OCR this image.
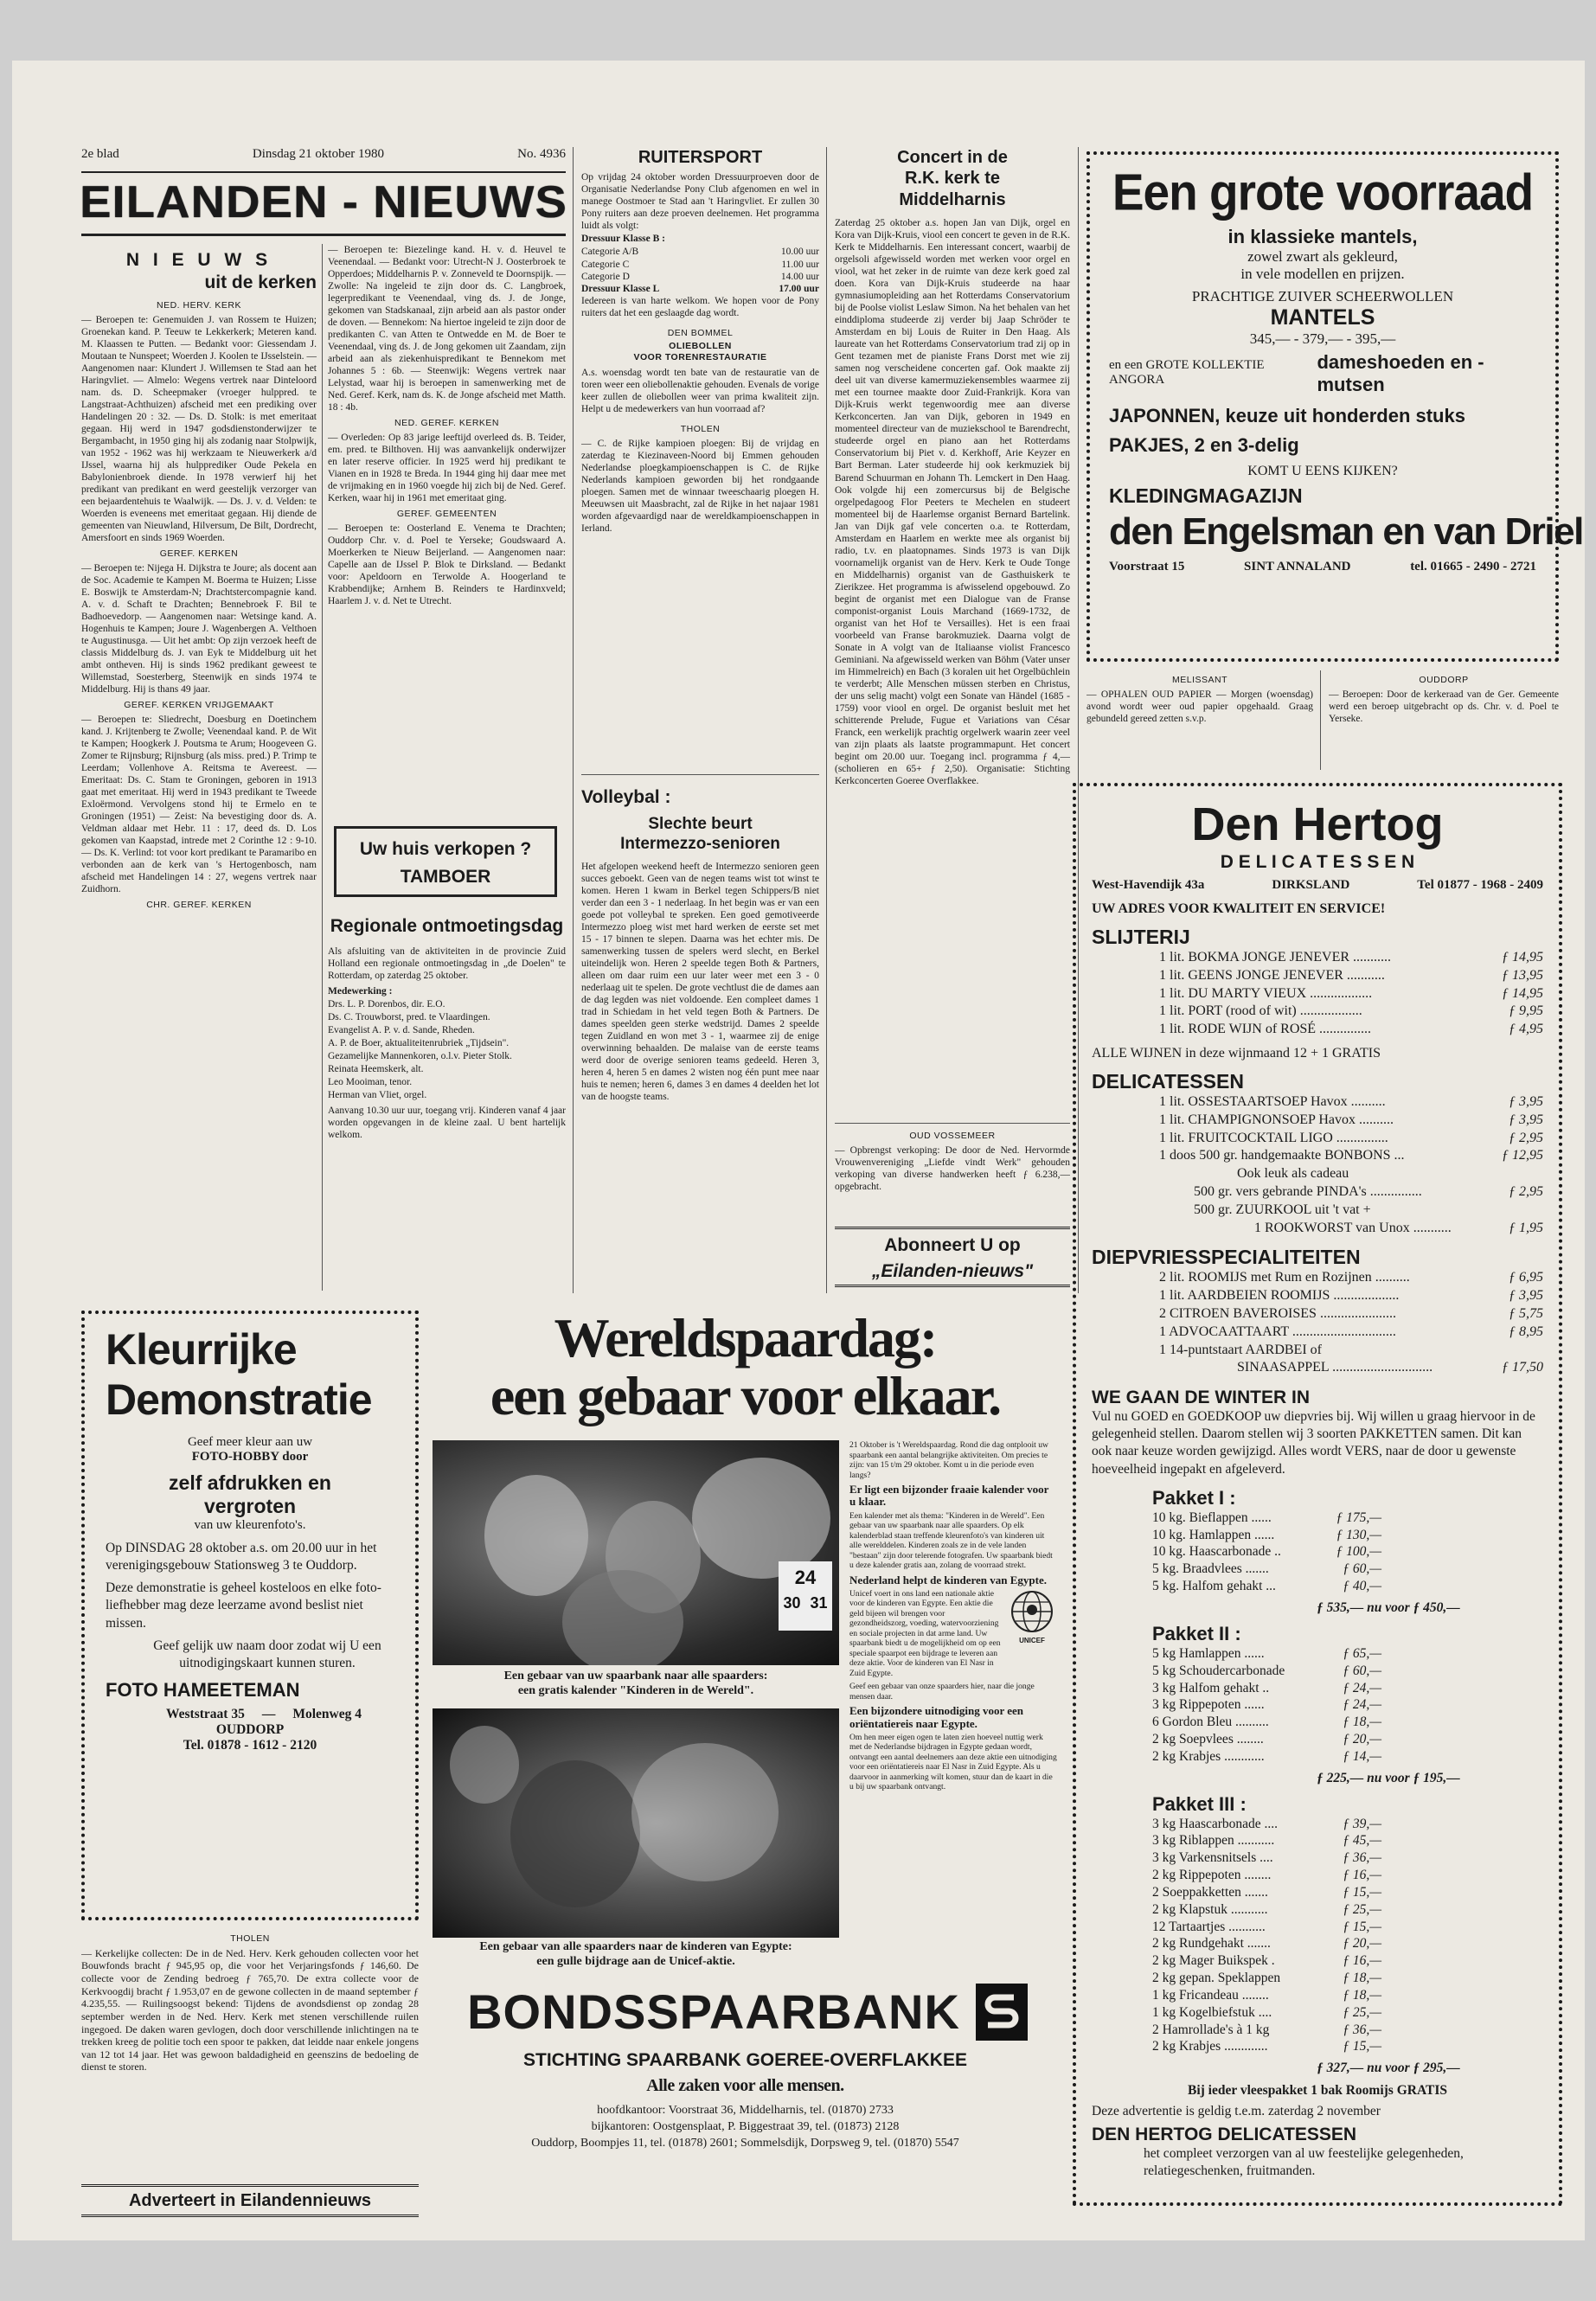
2e blad	Dinsdag 21 oktober 1980	No. 4936
EILANDEN - NIEUWS
N I E U W S
uit de kerken
NED. HERV. KERK

— Beroepen te: Genemuiden J. van Rossem te Huizen; Groenekan kand. P. Teeuw te Lekkerkerk; Meteren kand. M. Klaassen te Putten. — Bedankt voor: Giessendam J. Moutaan te Nunspeet; Woerden J. Koolen te IJsselstein. — Aangenomen naar: Klundert J. Willemsen te Stad aan het Haringvliet. — Almelo: Wegens vertrek naar Dinteloord nam. ds. D. Scheepmaker (vroeger hulppred. te Langstraat-Achthuizen) afscheid met een prediking over Handelingen 20 : 32. — Ds. D. Stolk: is met emeritaat gegaan. Hij werd in 1947 godsdienstonderwijzer te Bergambacht, in 1950 ging hij als zodanig naar Stolpwijk, van 1952 - 1962 was hij werkzaam te Nieuwerkerk a/d IJssel, waarna hij als hulpprediker Oude Pekela en Babylonienbroek diende. In 1978 verwierf hij het predikant van predikant en werd geestelijk verzorger van een bejaardentehuis te Waalwijk. — Ds. J. v. d. Velden: te Woerden is eveneens met emeritaat gegaan. Hij diende de gemeenten van Nieuwland, Hilversum, De Bilt, Dordrecht, Amersfoort en sinds 1969 Woerden.

GEREF. KERKEN

— Beroepen te: Nijega H. Dijkstra te Joure; als docent aan de Soc. Academie te Kampen M. Boerma te Huizen; Lisse E. Boswijk te Amsterdam-N; Drachtstercompagnie kand. A. v. d. Schaft te Drachten; Bennebroek F. Bil te Badhoevedorp. — Aangenomen naar: Wetsinge kand. A. Hogenhuis te Kampen; Joure J. Wagenbergen A. Velthoen te Augustinusga. — Uit het ambt: Op zijn verzoek heeft de classis Middelburg ds. J. van Eyk te Middelburg uit het ambt ontheven. Hij is sinds 1962 predikant geweest te Willemstad, Soesterberg, Steenwijk en sinds 1974 te Middelburg. Hij is thans 49 jaar.

GEREF. KERKEN VRIJGEMAAKT

— Beroepen te: Sliedrecht, Doesburg en Doetinchem kand. J. Krijtenberg te Zwolle; Veenendaal kand. P. de Wit te Kampen; Hoogkerk J. Poutsma te Arum; Hoogeveen G. Zomer te Rijnsburg; Rijnsburg (als miss. pred.) P. Trimp te Leerdam; Vollenhove A. Reitsma te Avereest. — Emeritaat: Ds. C. Stam te Groningen, geboren in 1913 gaat met emeritaat. Hij werd in 1943 predikant te Tweede Exloërmond. Vervolgens stond hij te Ermelo en te Groningen (1951) — Zeist: Na bevestiging door ds. A. Veldman aldaar met Hebr. 11 : 17, deed ds. D. Los gekomen van Kaapstad, intrede met 2 Corinthe 12 : 9-10. — Ds. K. Verlind: tot voor kort predikant te Paramaribo en verbonden aan de kerk van 's Hertogenbosch, nam afscheid met Handelingen 14 : 27, wegens vertrek naar Zuidhorn.

CHR. GEREF. KERKEN

— Beroepen te: Biezelinge kand. H. v. d. Heuvel te Veenendaal. — Bedankt voor: Utrecht-N J. Oosterbroek te Opperdoes; Middelharnis P. v. Zonneveld te Doornspijk. — Zwolle: Na ingeleid te zijn door ds. C. Langbroek, legerpredikant te Veenendaal, ving ds. J. de Jonge, gekomen van Stadskanaal, zijn arbeid aan als pastor onder de doven. — Bennekom: Na hiertoe ingeleid te zijn door de predikanten C. van Atten te Ontwedde en M. de Boer te Veenendaal, ving ds. J. de Jong gekomen uit Zaandam, zijn arbeid aan als ziekenhuispredikant te Bennekom met Johannes 5 : 6b. — Steenwijk: Wegens vertrek naar Lelystad, waar hij is beroepen in samenwerking met de Ned. Geref. Kerk, nam ds. K. de Jonge afscheid met Matth. 18 : 4b.

NED. GEREF. KERKEN

— Overleden: Op 83 jarige leeftijd overleed ds. B. Teider, em. pred. te Bilthoven. Hij was aanvankelijk onderwijzer en later reserve officier. In 1925 werd hij predikant te Vianen en in 1928 te Breda. In 1944 ging hij daar mee met de vrijmaking en in 1960 voegde hij zich bij de Ned. Geref. Kerken, waar hij in 1961 met emeritaat ging.

GEREF. GEMEENTEN

— Beroepen te: Oosterland E. Venema te Drachten; Ouddorp Chr. v. d. Poel te Yerseke; Goudswaard A. Moerkerken te Nieuw Beijerland. — Aangenomen naar: Capelle aan de IJssel P. Blok te Dirksland. — Bedankt voor: Apeldoorn en Terwolde A. Hoogerland te Krabbendijke; Arnhem B. Reinders te Hardinxveld; Haarlem J. v. d. Net te Utrecht.

Uw huis verkopen ? TAMBOER
Regionale ontmoetingsdag

Als afsluiting van de aktiviteiten in de provincie Zuid Holland een regionale ontmoetingsdag in „de Doelen" te Rotterdam, op zaterdag 25 oktober.

Medewerking :

Drs. L. P. Dorenbos, dir. E.O.

Ds. C. Trouwborst, pred. te Vlaardingen.

Evangelist A. P. v. d. Sande, Rheden.

A. P. de Boer, aktualiteitenrubriek „Tijdsein".

Gezamelijke Mannenkoren, o.l.v. Pieter Stolk.

Reinata Heemskerk, alt.

Leo Mooiman, tenor.

Herman van Vliet, orgel.

Aanvang 10.30 uur uur, toegang vrij. Kinderen vanaf 4 jaar worden opgevangen in de kleine zaal. U bent hartelijk welkom.

RUITERSPORT

Op vrijdag 24 oktober worden Dressuurproeven door de Organisatie Nederlandse Pony Club afgenomen en wel in manege Oostmoer te Stad aan 't Haringvliet. Er zullen 30 Pony ruiters aan deze proeven deelnemen. Het programma luidt als volgt:

Dressuur Klasse B :

Categorie A/B	10.00 uur
Categorie C	11.00 uur
Categorie D	14.00 uur
Dressuur Klasse L	17.00 uur

Iedereen is van harte welkom. We hopen voor de Pony ruiters dat het een geslaagde dag wordt.

DEN BOMMEL
OLIEBOLLEN
VOOR TORENRESTAURATIE

A.s. woensdag wordt ten bate van de restauratie van de toren weer een oliebollenaktie gehouden. Evenals de vorige keer zullen de oliebollen weer van prima kwaliteit zijn. Helpt u de medewerkers van hun voorraad af?

THOLEN

— C. de Rijke kampioen ploegen: Bij de vrijdag en zaterdag te Kiezinaveen-Noord bij Emmen gehouden Nederlandse ploegkampioenschappen is C. de Rijke Nederlands kampioen geworden bij het rondgaande ploegen. Samen met de winnaar tweeschaarig ploegen H. Meeuwsen uit Maasbracht, zal de Rijke in het najaar 1981 worden afgevaardigd naar de wereldkampioenschappen in Ierland.

Volleybal :
Slechte beurt
Intermezzo-senioren

Het afgelopen weekend heeft de Intermezzo senioren geen succes geboekt. Geen van de negen teams wist tot winst te komen. Heren 1 kwam in Berkel tegen Schippers/B niet verder dan een 3 - 1 nederlaag. In het begin was er van een goede pot volleybal te spreken. Een goed gemotiveerde Intermezzo ploeg wist met hard werken de eerste set met 15 - 17 binnen te slepen. Daarna was het echter mis. De samenwerking tussen de spelers werd slecht, en Berkel uiteindelijk won. Heren 2 speelde tegen Both & Partners, alleen om daar ruim een uur later weer met een 3 - 0 nederlaag uit te spelen. De grote vechtlust die de dames aan de dag legden was niet voldoende. Een compleet dames 1 trad in Schiedam in het veld tegen Both & Partners. De dames speelden geen sterke wedstrijd. Dames 2 speelde tegen Zuidland en won met 3 - 1, waarmee zij de enige overwinning behaalden. De malaise van de eerste teams werd door de overige senioren teams gedeeld. Heren 3, heren 4, heren 5 en dames 2 wisten nog één punt mee naar huis te nemen; heren 6, dames 3 en dames 4 deelden het lot van de hoogste teams.

Concert in de
R.K. kerk te
Middelharnis

Zaterdag 25 oktober a.s. hopen Jan van Dijk, orgel en Kora van Dijk-Kruis, viool een concert te geven in de R.K. Kerk te Middelharnis. Een interessant concert, waarbij de orgelsoli afgewisseld worden met werken voor orgel en viool, wat het zeker in de ruimte van deze kerk goed zal doen. Kora van Dijk-Kruis studeerde na haar gymnasiumopleiding aan het Rotterdams Conservatorium bij de Poolse violist Leslaw Simon. Na het behalen van het einddiploma studeerde zij verder bij Jaap Schröder te Amsterdam en bij Louis de Ruiter in Den Haag. Als laureate van het Rotterdams Conservatorium trad zij op in Gent tezamen met de pianiste Frans Dorst met wie zij samen nog verscheidene concerten gaf. Ook maakte zij deel uit van diverse kamermuziekensembles waarmee zij met een tournee maakte door Zuid-Frankrijk. Kora van Dijk-Kruis werkt tegenwoordig mee aan diverse Kerkconcerten. Jan van Dijk, geboren in 1949 en momenteel directeur van de muziekschool te Barendrecht, studeerde orgel en piano aan het Rotterdams Conservatorium bij Piet v. d. Kerkhoff, Arie Keyzer en Bart Berman. Later studeerde hij ook kerkmuziek bij Barend Schuurman en Johann Th. Lemckert in Den Haag. Ook volgde hij een zomercursus bij de Belgische orgelpedagoog Flor Peeters te Mechelen en studeert momenteel bij de Haarlemse organist Bernard Bartelink. Jan van Dijk gaf vele concerten o.a. te Rotterdam, Amsterdam en Haarlem en werkte mee als organist bij radio, t.v. en plaatopnames. Sinds 1973 is van Dijk voornamelijk organist van de Herv. Kerk te Oude Tonge en Middelharnis) organist van de Gasthuiskerk te Zierikzee. Het programma is afwisselend opgebouwd. Zo begint de organist met een Dialogue van de Franse componist-organist Louis Marchand (1669-1732, de organist van het Hof te Versailles). Het is een fraai voorbeeld van Franse barokmuziek. Daarna volgt de Sonate in A volgt van de Italiaanse violist Francesco Geminiani. Na afgewisseld werken van Böhm (Vater unser im Himmelreich) en Bach (3 koralen uit het Orgelbüchlein te verderbt; Alle Menschen müssen sterben en Christus, der uns selig macht) volgt een Sonate van Händel (1685 - 1759) voor viool en orgel. De organist besluit met het schitterende Prelude, Fugue et Variations van César Franck, een werkelijk prachtig orgelwerk waarin zeer veel van zijn plaats als laatste programmapunt. Het concert begint om 20.00 uur. Toegang incl. programma ƒ 4,— (scholieren en 65+ ƒ 2,50). Organisatie: Stichting Kerkconcerten Goeree Overflakkee.

OUD VOSSEMEER

— Opbrengst verkoping: De door de Ned. Hervormde Vrouwenvereniging „Liefde vindt Werk" gehouden verkoping van diverse handwerken heeft ƒ 6.238,— opgebracht.

Abonneert U op
„Eilanden-nieuws"
Een grote voorraad
in klassieke mantels,
zowel zwart als gekleurd,
in vele modellen en prijzen.
PRACHTIGE ZUIVER SCHEERWOLLEN
MANTELS
345,— - 379,— - 395,—
en een GROTE KOLLEKTIE ANGORA
dameshoeden en -mutsen
JAPONNEN, keuze uit honderden stuks
PAKJES, 2 en 3-delig
KOMT U EENS KIJKEN?
KLEDINGMAGAZIJN
den Engelsman en van Driel
Voorstraat 15	SINT ANNALAND	tel. 01665 - 2490 - 2721
MELISSANT

— OPHALEN OUD PAPIER — Morgen (woensdag) avond wordt weer oud papier opgehaald. Graag gebundeld gereed zetten s.v.p.

OUDDORP

— Beroepen: Door de kerkeraad van de Ger. Gemeente werd een beroep uitgebracht op ds. Chr. v. d. Poel te Yerseke.

Den Hertog
D E L I C A T E S S E N
West-Havendijk 43a	DIRKSLAND	Tel 01877 - 1968 - 2409
UW ADRES VOOR KWALITEIT EN SERVICE!
SLIJTERIJ
1 lit. BOKMA JONGE JENEVER ...........	ƒ 14,95
1 lit. GEENS JONGE JENEVER ...........	ƒ 13,95
1 lit. DU MARTY VIEUX ..................	ƒ 14,95
1 lit. PORT (rood of wit) ..................	ƒ 9,95
1 lit. RODE WIJN of ROSÉ ...............	ƒ 4,95
ALLE WIJNEN in deze wijnmaand 12 + 1 GRATIS
DELICATESSEN
1 lit. OSSESTAARTSOEP Havox ..........	ƒ 3,95
1 lit. CHAMPIGNONSOEP Havox ..........	ƒ 3,95
1 lit. FRUITCOCKTAIL LIGO ...............	ƒ 2,95
1 doos 500 gr. handgemaakte BONBONS ...	ƒ 12,95
Ook leuk als cadeau
500 gr. vers gebrande PINDA's ...............	ƒ 2,95
500 gr. ZUURKOOL uit 't vat +
1 ROOKWORST van Unox ...........	ƒ 1,95
DIEPVRIESSPECIALITEITEN
2 lit. ROOMIJS met Rum en Rozijnen ..........	ƒ 6,95
1 lit. AARDBEIEN ROOMIJS ...................	ƒ 3,95
2 CITROEN BAVEROISES ......................	ƒ 5,75
1 ADVOCAATTAART ..............................	ƒ 8,95
1 14-puntstaart AARDBEI of
SINAASAPPEL .............................	ƒ 17,50
WE GAAN DE WINTER IN
Vul nu GOED en GOEDKOOP uw diepvries bij. Wij willen u graag hiervoor in de gelegenheid stellen. Daarom stellen wij 3 soorten PAKKETTEN samen. Dit kan ook naar keuze worden gewijzigd. Alles wordt VERS, naar de door u gewenste hoeveelheid ingepakt en afgeleverd.
Pakket I :
10 kg. Bieflappen ......	ƒ 175,—
10 kg. Hamlappen ......	ƒ 130,—
10 kg. Haascarbonade ..	ƒ 100,—
5 kg. Braadvlees .......	ƒ 60,—
5 kg. Halfom gehakt ...	ƒ 40,—
ƒ 535,— nu voor ƒ 450,—
Pakket II :
5 kg Hamlappen ......	ƒ 65,—
5 kg Schoudercarbonade	ƒ 60,—
3 kg Halfom gehakt ..	ƒ 24,—
3 kg Rippepoten ......	ƒ 24,—
6 Gordon Bleu ..........	ƒ 18,—
2 kg Soepvlees ........	ƒ 20,—
2 kg Krabjes ............	ƒ 14,—
ƒ 225,— nu voor ƒ 195,—
Pakket III :
3 kg Haascarbonade ....	ƒ 39,—
3 kg Riblappen ...........	ƒ 45,—
3 kg Varkensnitsels ....	ƒ 36,—
2 kg Rippepoten ........	ƒ 16,—
2 Soeppakketten .......	ƒ 15,—
2 kg Klapstuk ...........	ƒ 25,—
12 Tartaartjes ...........	ƒ 15,—
2 kg Rundgehakt .......	ƒ 20,—
2 kg Mager Buikspek .	ƒ 16,—
2 kg gepan. Speklappen	ƒ 18,—
1 kg Fricandeau ........	ƒ 18,—
1 kg Kogelbiefstuk ....	ƒ 25,—
2 Hamrollade's à 1 kg	ƒ 36,—
2 kg Krabjes .............	ƒ 15,—
ƒ 327,— nu voor ƒ 295,—
Bij ieder vleespakket 1 bak Roomijs GRATIS
Deze advertentie is geldig t.e.m. zaterdag 2 november
DEN HERTOG DELICATESSEN
het compleet verzorgen van al uw feestelijke gelegenheden, relatiegeschenken, fruitmanden.
Kleurrijke
Demonstratie
Geef meer kleur aan uw
FOTO-HOBBY door
zelf afdrukken en
vergroten
van uw kleurenfoto's.
Op DINSDAG 28 oktober a.s. om 20.00 uur in het verenigingsgebouw Stationsweg 3 te Ouddorp.
Deze demonstratie is geheel kosteloos en elke foto-liefhebber mag deze leerzame avond beslist niet missen.
Geef gelijk uw naam door zodat wij U een uitnodigingskaart kunnen sturen.
FOTO HAMEETEMAN
Weststraat 35 — Molenweg 4
OUDDORP
Tel. 01878 - 1612 - 2120
THOLEN

— Kerkelijke collecten: De in de Ned. Herv. Kerk gehouden collecten voor het Bouwfonds bracht ƒ 945,95 op, die voor het Verjaringsfonds ƒ 146,60. De collecte voor de Zending bedroeg ƒ 765,70. De extra collecte voor de Kerkvoogdij bracht ƒ 1.953,07 en de gewone collecten in de maand september ƒ 4.235,55. — Ruilingsoogst bekend: Tijdens de avondsdienst op zondag 28 september werden in de Ned. Herv. Kerk met stenen verschillende ruilen ingegoed. De daken waren gevlogen, doch door verschillende inlichtingen na te trekken kreeg de politie toch een spoor te pakken, dat leidde naar enkele jongens van 12 tot 14 jaar. Het was gewoon baldadigheid en geenszins de bedoeling de dienst te storen.

Adverteert in Eilandennieuws
Wereldspaardag:
een gebaar voor elkaar.
24
30 31
Een gebaar van uw spaarbank naar alle spaarders:
een gratis kalender "Kinderen in de Wereld".
Een gebaar van alle spaarders naar de kinderen van Egypte:
een gulle bijdrage aan de Unicef-aktie.

21 Oktober is 't Wereldspaardag. Rond die dag ontplooit uw spaarbank een aantal belangrijke aktiviteiten. Om precies te zijn: van 15 t/m 29 oktober. Komt u in die periode even langs?

Er ligt een bijzonder fraaie kalender voor u klaar.

Een kalender met als thema: "Kinderen in de Wereld". Een gebaar van uw spaarbank naar alle spaarders. Op elk kalenderblad staan treffende kleurenfoto's van kinderen uit alle werelddelen. Kinderen zoals ze in de vele landen "bestaan" zijn door telerende fotografen. Uw spaarbank biedt u deze kalender gratis aan, zolang de voorraad strekt.

Nederland helpt de kinderen van Egypte.

Unicef voert in ons land een nationale aktie voor de kinderen van Egypte. Een aktie die geld bijeen wil brengen voor gezondheidszorg, voeding, watervoorziening en sociale projecten in dat arme land. Uw spaarbank biedt u de mogelijkheid om op een speciale spaarpot een bijdrage te leveren aan deze aktie. Voor de kinderen van El Nasr in Zuid Egypte.

UNICEF

Geef een gebaar van onze spaarders hier, naar die jonge mensen daar.

Een bijzondere uitnodiging voor een oriëntatiereis naar Egypte.

Om hen meer eigen ogen te laten zien hoeveel nuttig werk met de Nederlandse bijdragen in Egypte gedaan wordt, ontvangt een aantal deelnemers aan deze aktie een uitnodiging voor een oriëntatiereis naar El Nasr in Zuid Egypte. Als u daarvoor in aanmerking wilt komen, stuur dan de kaart in die u bij uw spaarbank ontvangt.

BONDSSPAARBANK
STICHTING SPAARBANK GOEREE-OVERFLAKKEE
Alle zaken voor alle mensen.
hoofdkantoor: Voorstraat 36, Middelharnis, tel. (01870) 2733
bijkantoren: Oostgensplaat, P. Biggestraat 39, tel. (01873) 2128
Ouddorp, Boompjes 11, tel. (01878) 2601; Sommelsdijk, Dorpsweg 9, tel. (01870) 5547
